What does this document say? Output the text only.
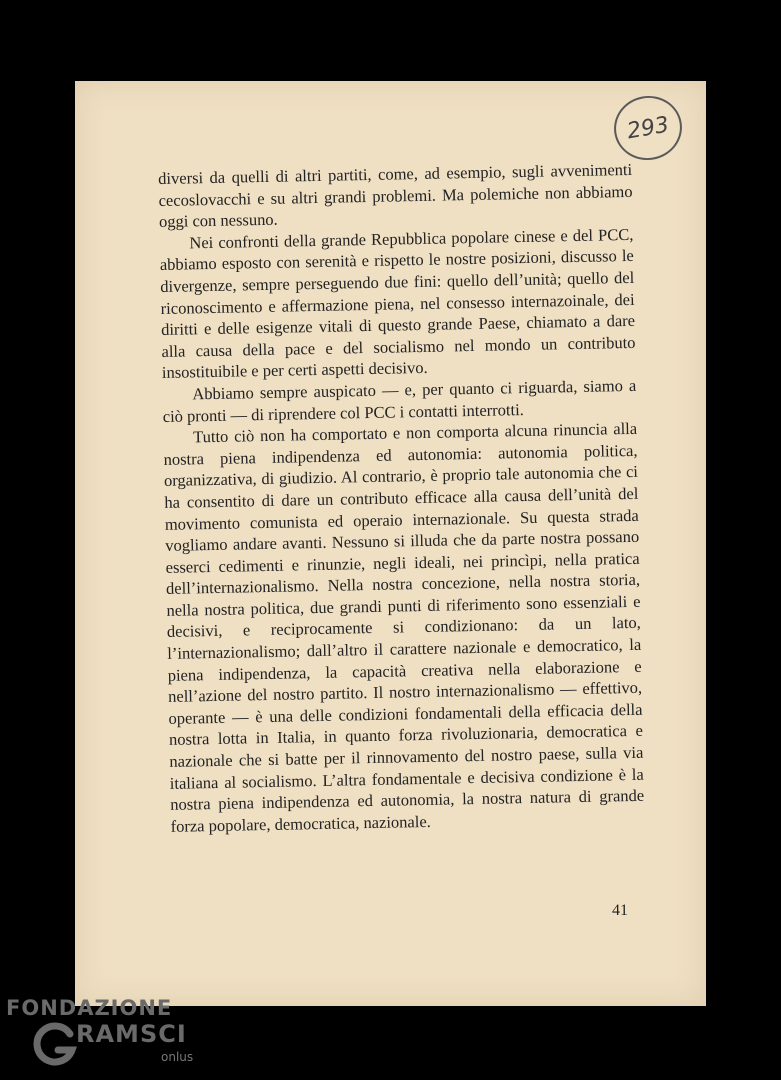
293

diversi da quelli di altri partiti, come, ad esempio, sugli avvenimenti cecoslovacchi e su altri grandi problemi. Ma polemiche non abbiamo oggi con nessuno.

Nei confronti della grande Repubblica popolare cinese e del PCC, abbiamo esposto con serenità e rispetto le nostre posizioni, discusso le divergenze, sempre perseguendo due fini: quello dell’unità; quello del riconoscimento e affermazione piena, nel consesso internazoinale, dei diritti e delle esigenze vitali di questo grande Paese, chiamato a dare alla causa della pace e del socialismo nel mondo un contributo insostituibile e per certi aspetti decisivo.

Abbiamo sempre auspicato — e, per quanto ci riguarda, siamo a ciò pronti — di riprendere col PCC i contatti interrotti.

Tutto ciò non ha comportato e non comporta alcuna rinuncia alla nostra piena indipendenza ed autonomia: autonomia politica, organizzativa, di giudizio. Al contrario, è proprio tale autonomia che ci ha consentito di dare un contributo efficace alla causa dell’unità del movimento comunista ed operaio internazionale. Su questa strada vogliamo andare avanti. Nessuno si illuda che da parte nostra possano esserci cedimenti e rinunzie, negli ideali, nei princìpi, nella pratica dell’internazionalismo. Nella nostra concezione, nella nostra storia, nella nostra politica, due grandi punti di riferimento sono essenziali e decisivi, e reciprocamente si condizionano: da un lato, l’internazionalismo; dall’altro il carattere nazionale e democratico, la piena indipendenza, la capacità creativa nella elaborazione e nell’azione del nostro partito. Il nostro internazionalismo — effettivo, operante — è una delle condizioni fondamentali della efficacia della nostra lotta in Italia, in quanto forza rivoluzionaria, democratica e nazionale che si batte per il rinnovamento del nostro paese, sulla via italiana al socialismo. L’altra fondamentale e decisiva condizione è la nostra piena indipendenza ed autonomia, la nostra natura di grande forza popolare, democratica, nazionale.

41
FONDAZIONE
RAMSCI
onlus
